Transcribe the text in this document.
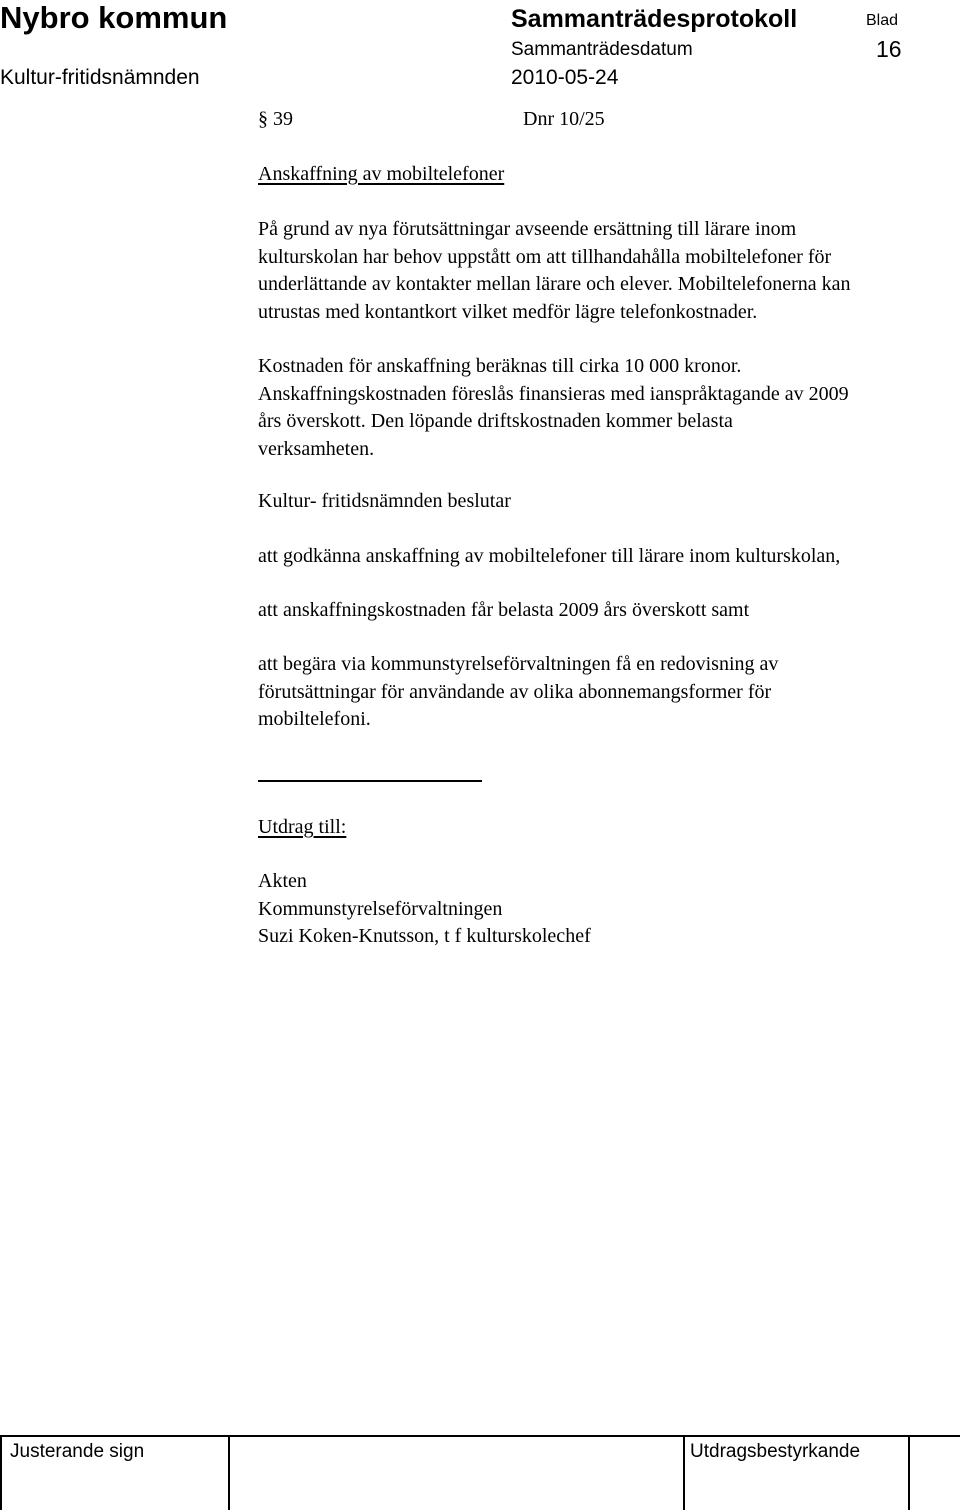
Nybro kommun	Sammanträdesprotokoll	Blad
Sammanträdesdatum	16
Kultur-fritidsnämnden	2010-05-24
§ 39	Dnr 10/25
Anskaffning av mobiltelefoner

På grund av nya förutsättningar avseende ersättning till lärare inom

kulturskolan har behov uppstått om att tillhandahålla mobiltelefoner för

underlättande av kontakter mellan lärare och elever. Mobiltelefonerna kan

utrustas med kontantkort vilket medför lägre telefonkostnader.

Kostnaden för anskaffning beräknas till cirka 10 000 kronor.

Anskaffningskostnaden föreslås finansieras med ianspråktagande av 2009

års överskott. Den löpande driftskostnaden kommer belasta

verksamheten.

Kultur- fritidsnämnden beslutar

att godkänna anskaffning av mobiltelefoner till lärare inom kulturskolan,

att anskaffningskostnaden får belasta 2009 års överskott samt

att begära via kommunstyrelseförvaltningen få en redovisning av

förutsättningar för användande av olika abonnemangsformer för

mobiltelefoni.

Utdrag till:

Akten

Kommunstyrelseförvaltningen

Suzi Koken-Knutsson, t f kulturskolechef

Justerande sign	Utdragsbestyrkande
